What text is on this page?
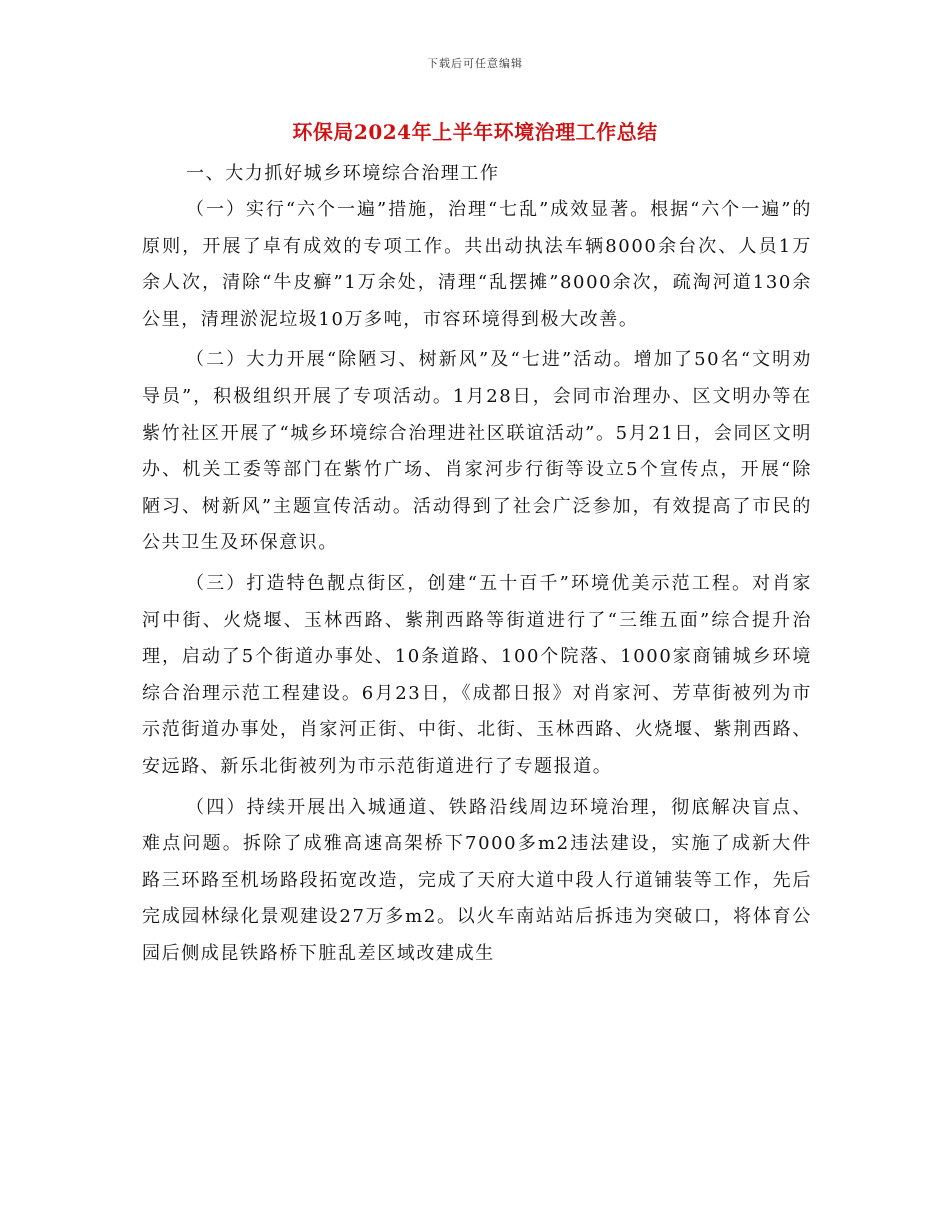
下载后可任意编辑
环保局2024年上半年环境治理工作总结

一、大力抓好城乡环境综合治理工作

（一）实行“六个一遍”措施，治理“七乱”成效显著。根据“六个一遍”的原则，开展了卓有成效的专项工作。共出动执法车辆8000余台次、人员1万余人次，清除“牛皮癣”1万余处，清理“乱摆摊”8000余次，疏淘河道130余公里，清理淤泥垃圾10万多吨，市容环境得到极大改善。

（二）大力开展“除陋习、树新风”及“七进”活动。增加了50名“文明劝导员”，积极组织开展了专项活动。1月28日，会同市治理办、区文明办等在紫竹社区开展了“城乡环境综合治理进社区联谊活动”。5月21日，会同区文明办、机关工委等部门在紫竹广场、肖家河步行街等设立5个宣传点，开展“除陋习、树新风”主题宣传活动。活动得到了社会广泛参加，有效提高了市民的公共卫生及环保意识。

（三）打造特色靓点街区，创建“五十百千”环境优美示范工程。对肖家河中街、火烧堰、玉林西路、紫荆西路等街道进行了“三维五面”综合提升治理，启动了5个街道办事处、10条道路、100个院落、1000家商铺城乡环境综合治理示范工程建设。6月23日，《成都日报》对肖家河、芳草街被列为市示范街道办事处，肖家河正街、中街、北街、玉林西路、火烧堰、紫荆西路、安远路、新乐北街被列为市示范街道进行了专题报道。

（四）持续开展出入城通道、铁路沿线周边环境治理，彻底解决盲点、难点问题。拆除了成雅高速高架桥下7000多m2违法建设，实施了成新大件路三环路至机场路段拓宽改造，完成了天府大道中段人行道铺装等工作，先后完成园林绿化景观建设27万多m2。以火车南站站后拆违为突破口，将体育公园后侧成昆铁路桥下脏乱差区域改建成生
